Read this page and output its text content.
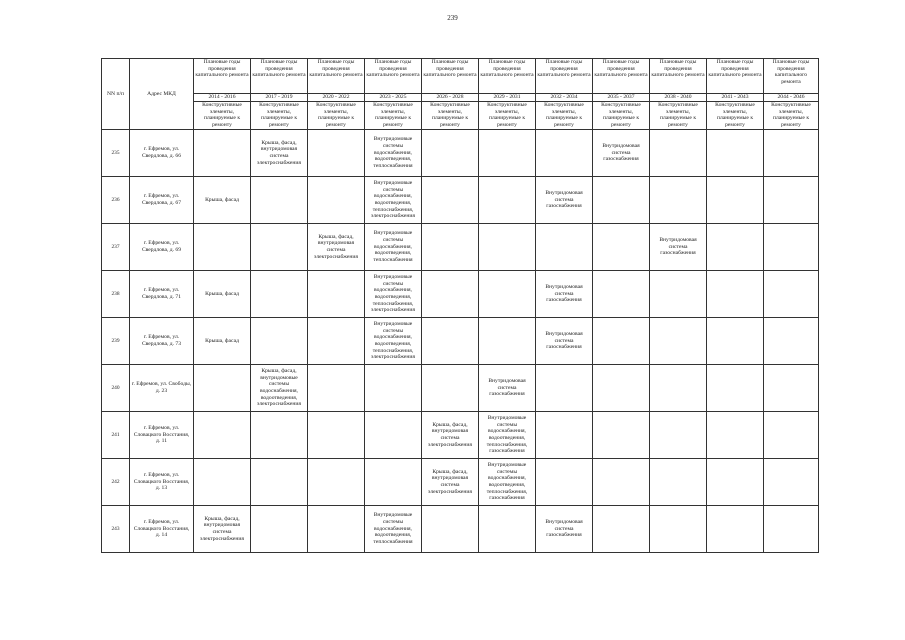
239
NN п/п	Адрес МКД	Плановые годы проведения капитального ремонта	Плановые годы проведения капитального ремонта	Плановые годы проведения капитального ремонта	Плановые годы проведения капитального ремонта	Плановые годы проведения капитального ремонта	Плановые годы проведения капитального ремонта	Плановые годы проведения капитального ремонта	Плановые годы проведения капитального ремонта	Плановые годы проведения капитального ремонта	Плановые годы проведения капитального ремонта	Плановые годы проведения капитального ремонта
		2014 - 2016	2017 - 2019	2020 - 2022	2023 - 2025	2026 - 2028	2029 - 2031	2032 - 2034	2035 - 2037	2038 - 2040	2041 - 2043	2044 - 2046
		Конструктивные элементы, планируемые к ремонту	Конструктивные элементы, планируемые к ремонту	Конструктивные элементы, планируемые к ремонту	Конструктивные элементы, планируемые к ремонту	Конструктивные элементы, планируемые к ремонту	Конструктивные элементы, планируемые к ремонту	Конструктивные элементы, планируемые к ремонту	Конструктивные элементы, планируемые к ремонту	Конструктивные элементы, планируемые к ремонту	Конструктивные элементы, планируемые к ремонту	Конструктивные элементы, планируемые к ремонту
235	г. Ефремов, ул. Свердлова, д. 66		Крыша, фасад, внутридомовая система электроснабжения		Внутридомовые системы водоснабжения, водоотведения, теплоснабжения				Внутридомовая система газоснабжения			
236	г. Ефремов, ул. Свердлова, д. 67	Крыша, фасад			Внутридомовые системы водоснабжения, водоотведения, теплоснабжения, электроснабжения			Внутридомовая система газоснабжения				
237	г. Ефремов, ул. Свердлова, д. 69			Крыша, фасад, внутридомовая система электроснабжения	Внутридомовые системы водоснабжения, водоотведения, теплоснабжения					Внутридомовая система газоснабжения		
238	г. Ефремов, ул. Свердлова, д. 71	Крыша, фасад			Внутридомовые системы водоснабжения, водоотведения, теплоснабжения, электроснабжения			Внутридомовая система газоснабжения				
239	г. Ефремов, ул. Свердлова, д. 73	Крыша, фасад			Внутридомовые системы водоснабжения, водоотведения, теплоснабжения, электроснабжения			Внутридомовая система газоснабжения				
240	г. Ефремов, ул. Свободы, д. 23		Крыша, фасад, внутридомовые системы водоснабжения, водоотведения, электроснабжения				Внутридомовая система газоснабжения					
241	г. Ефремов, ул. Словацкого Восстания, д. 11					Крыша, фасад, внутридомовая система электроснабжения	Внутридомовые системы водоснабжения, водоотведения, теплоснабжения, газоснабжения					
242	г. Ефремов, ул. Словацкого Восстания, д. 13					Крыша, фасад, внутридомовая система электроснабжения	Внутридомовые системы водоснабжения, водоотведения, теплоснабжения, газоснабжения					
243	г. Ефремов, ул. Словацкого Восстания, д. 14	Крыша, фасад, внутридомовая система электроснабжения			Внутридомовые системы водоснабжения, водоотведения, теплоснабжения			Внутридомовая система газоснабжения				
